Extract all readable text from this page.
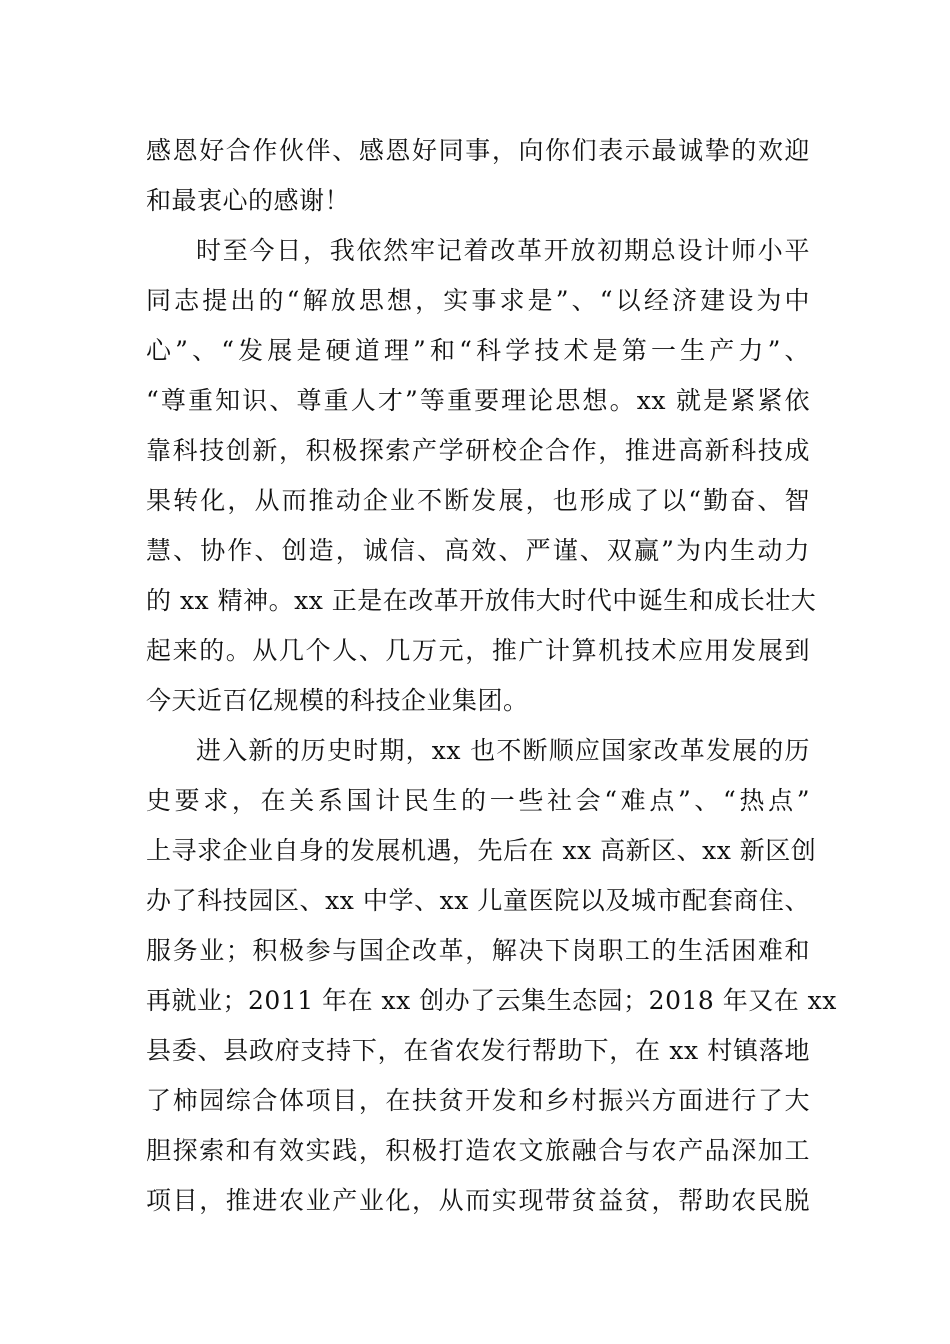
感恩好合作伙伴、感恩好同事，向你们表示最诚挚的欢迎
和最衷心的感谢！
时至今日，我依然牢记着改革开放初期总设计师小平
同志提出的“解放思想，实事求是”、“以经济建设为中
心”、“发展是硬道理”和“科学技术是第一生产力”、
“尊重知识、尊重人才”等重要理论思想。xx 就是紧紧依
靠科技创新，积极探索产学研校企合作，推进高新科技成
果转化，从而推动企业不断发展，也形成了以“勤奋、智
慧、协作、创造，诚信、高效、严谨、双赢”为内生动力
的 xx 精神。xx 正是在改革开放伟大时代中诞生和成长壮大
起来的。从几个人、几万元，推广计算机技术应用发展到
今天近百亿规模的科技企业集团。
进入新的历史时期，xx 也不断顺应国家改革发展的历
史要求，在关系国计民生的一些社会“难点”、“热点”
上寻求企业自身的发展机遇，先后在 xx 高新区、xx 新区创
办了科技园区、xx 中学、xx 儿童医院以及城市配套商住、
服务业；积极参与国企改革，解决下岗职工的生活困难和
再就业；2011 年在 xx 创办了云集生态园；2018 年又在 xx
县委、县政府支持下，在省农发行帮助下，在 xx 村镇落地
了柿园综合体项目，在扶贫开发和乡村振兴方面进行了大
胆探索和有效实践，积极打造农文旅融合与农产品深加工
项目，推进农业产业化，从而实现带贫益贫，帮助农民脱
